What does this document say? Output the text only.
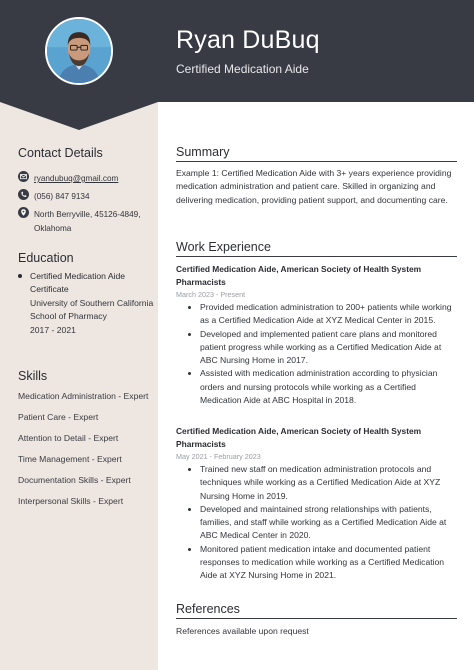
Ryan DuBuq
Certified Medication Aide
Contact Details
ryandubuq@gmail.com
(056) 847 9134
North Berryville, 45126-4849, Oklahoma
Education
Certified Medication Aide Certificate
University of Southern California School of Pharmacy
2017 - 2021
Skills
Medication Administration - Expert
Patient Care - Expert
Attention to Detail - Expert
Time Management - Expert
Documentation Skills - Expert
Interpersonal Skills - Expert
Summary
Example 1: Certified Medication Aide with 3+ years experience providing medication administration and patient care. Skilled in organizing and delivering medication, providing patient support, and documenting care.
Work Experience
Certified Medication Aide, American Society of Health System Pharmacists
March 2023 - Present
• Provided medication administration to 200+ patients while working as a Certified Medication Aide at XYZ Medical Center in 2015.
• Developed and implemented patient care plans and monitored patient progress while working as a Certified Medication Aide at ABC Nursing Home in 2017.
• Assisted with medication administration according to physician orders and nursing protocols while working as a Certified Medication Aide at ABC Hospital in 2018.
Certified Medication Aide, American Society of Health System Pharmacists
May 2021 - February 2023
• Trained new staff on medication administration protocols and techniques while working as a Certified Medication Aide at XYZ Nursing Home in 2019.
• Developed and maintained strong relationships with patients, families, and staff while working as a Certified Medication Aide at ABC Medical Center in 2020.
• Monitored patient medication intake and documented patient responses to medication while working as a Certified Medication Aide at XYZ Nursing Home in 2021.
References
References available upon request
